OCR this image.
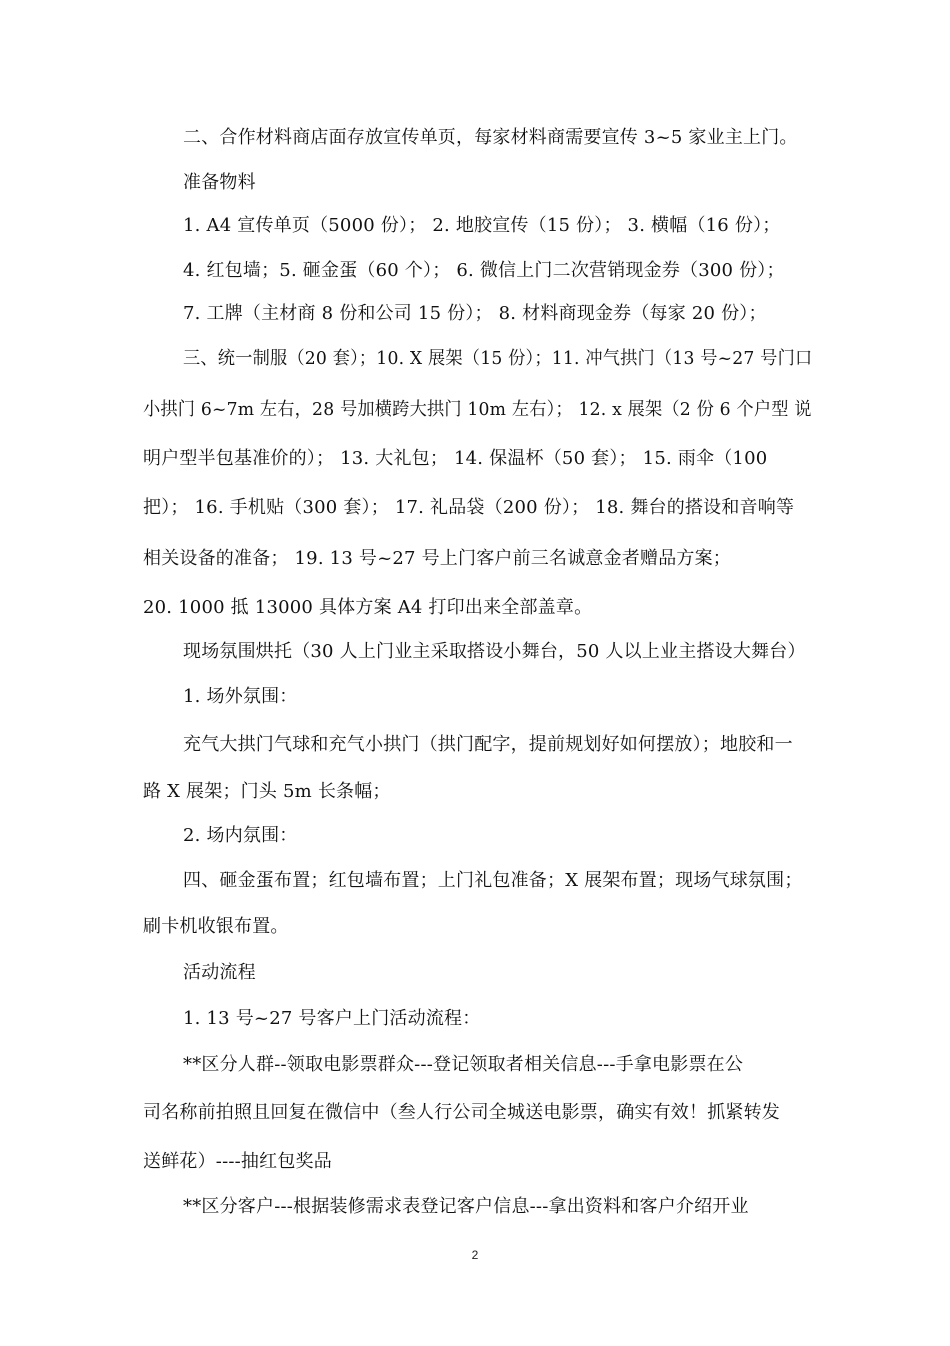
二、合作材料商店面存放宣传单页，每家材料商需要宣传 3~5 家业主上门。
准备物料
1. A4 宣传单页（5000 份）； 2. 地胶宣传（15 份）； 3. 横幅（16 份）；
4. 红包墙；5. 砸金蛋（60 个）； 6. 微信上门二次营销现金券（300 份）；
7. 工牌（主材商 8 份和公司 15 份）； 8. 材料商现金券（每家 20 份）；
三、统一制服（20 套）；10. X 展架（15 份）；11. 冲气拱门（13 号~27 号门口
小拱门 6~7m 左右，28 号加横跨大拱门 10m 左右）； 12. x 展架（2 份 6 个户型 说
明户型半包基准价的）； 13. 大礼包； 14. 保温杯（50 套）； 15. 雨伞（100
把）； 16. 手机贴（300 套）； 17. 礼品袋（200 份）； 18. 舞台的搭设和音响等
相关设备的准备； 19. 13 号~27 号上门客户前三名诚意金者赠品方案；
20. 1000 抵 13000 具体方案 A4 打印出来全部盖章。
现场氛围烘托（30 人上门业主采取搭设小舞台，50 人以上业主搭设大舞台）
1. 场外氛围：
充气大拱门气球和充气小拱门（拱门配字，提前规划好如何摆放）；地胶和一
路 X 展架；门头 5m 长条幅；
2. 场内氛围：
四、砸金蛋布置；红包墙布置；上门礼包准备；X 展架布置；现场气球氛围；
刷卡机收银布置。
活动流程
1. 13 号~27 号客户上门活动流程：
**区分人群--领取电影票群众---登记领取者相关信息---手拿电影票在公
司名称前拍照且回复在微信中（叁人行公司全城送电影票，确实有效！抓紧转发
送鲜花）----抽红包奖品
**区分客户---根据装修需求表登记客户信息---拿出资料和客户介绍开业
2
